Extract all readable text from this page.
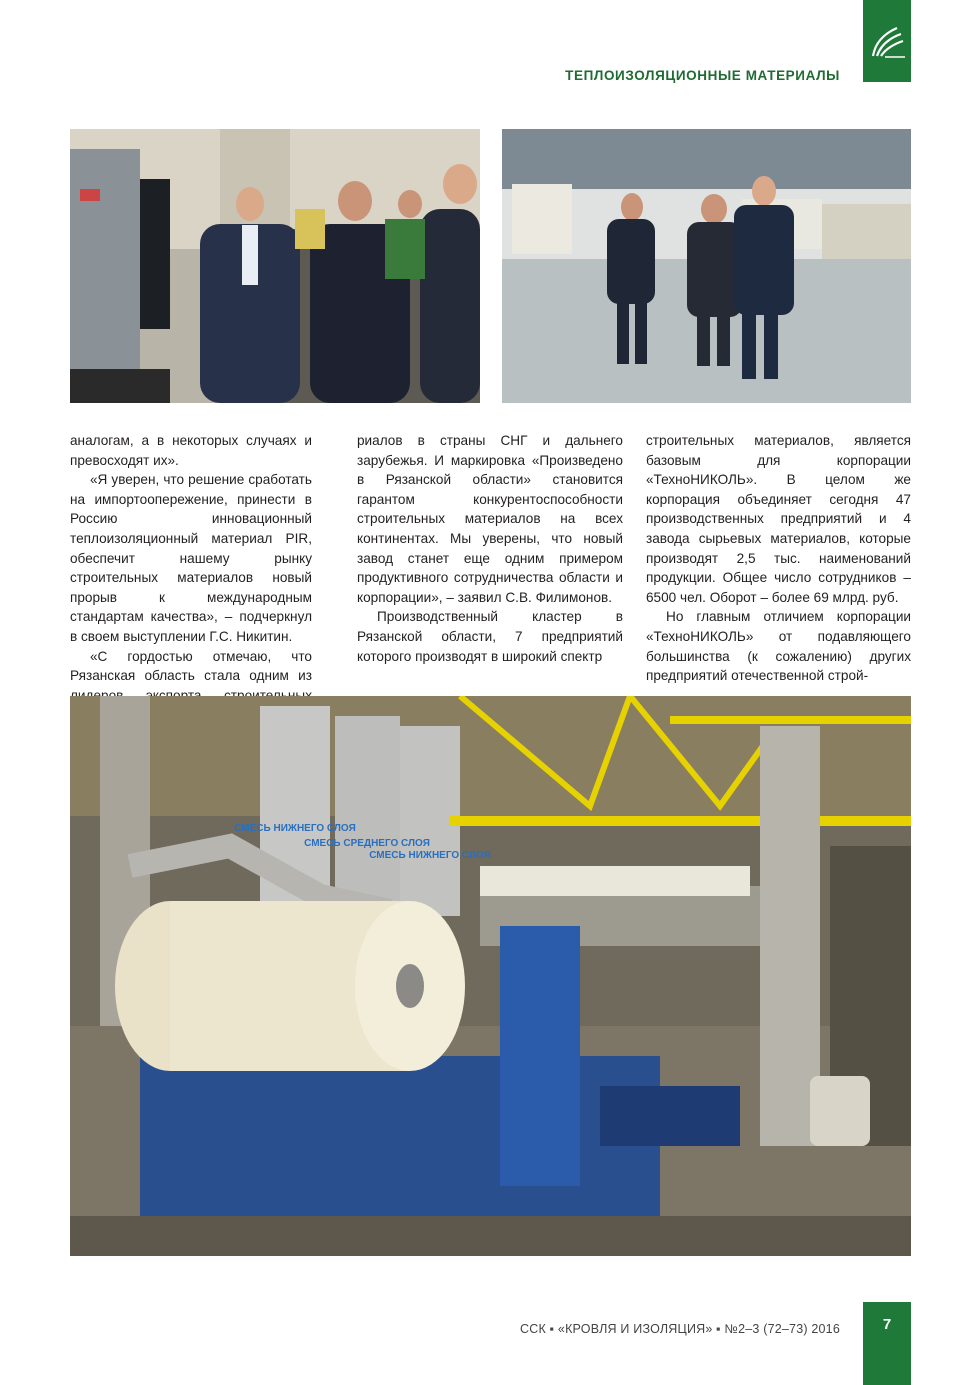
ТЕПЛОИЗОЛЯЦИОННЫЕ МАТЕРИАЛЫ

аналогам, а в некоторых случаях и превосходят их».

«Я уверен, что решение сработать на импортоопережение, принести в Россию инновационный теплоизоляционный материал PIR, обеспечит нашему рынку строительных материалов новый прорыв к международным стандартам качества», – подчеркнул в своем выступлении Г.С. Никитин.

«С гордостью отмечаю, что Рязанская область стала одним из

риалов в страны СНГ и дальнего зарубежья. И маркировка «Произведено в Рязанской области» становится гарантом конкурентоспособности строительных материалов на всех континентах. Мы уверены, что новый завод станет еще одним примером продуктивного сотрудничества области и корпорации», – заявил С.В. Филимонов.

Производственный кластер в Рязанской области, 7 предприятий которого производят в широкий спектр

строительных материалов, является базовым для корпорации «ТехноНИКОЛЬ». В целом же корпорация объединяет сегодня 47 производственных предприятий и 4 завода сырьевых материалов, которые производят 2,5 тыс. наименований продукции. Общее число сотрудников – 6500 чел. Оборот – более 69 млрд. руб.

Но главным отличием корпорации «ТехноНИКОЛЬ» от подавляющего большинства (к сожалению) других предприятий отечественной строй-

СМЕСЬ НИЖНЕГО СЛОЯ
СМЕСЬ СРЕДНЕГО СЛОЯ
СМЕСЬ НИЖНЕГО СЛОЯ
ССК ▪ «КРОВЛЯ И ИЗОЛЯЦИЯ» ▪ №2–3 (72–73) 2016	7
